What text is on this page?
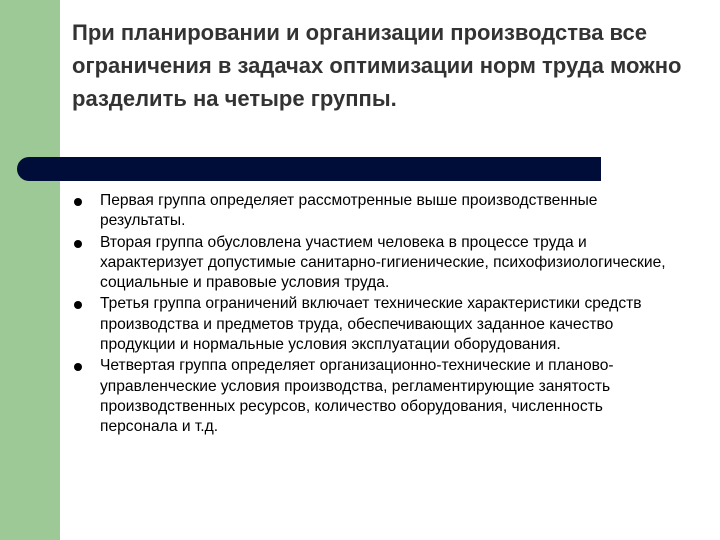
При планировании и организации производства все ограничения в задачах оптимизации норм труда можно разделить на четыре группы.
Первая группа определяет рассмотренные выше производственные результаты.
Вторая группа обусловлена участием человека в процессе труда и характеризует допустимые санитарно-гигиенические, психофизиологические, социальные и правовые условия труда.
Третья группа ограничений включает технические характеристики средств производства и предметов труда, обеспечивающих заданное качество продукции и нормальные условия эксплуатации оборудования.
Четвертая группа определяет организационно-технические и планово-управленческие условия производства, регламентирующие занятость производственных ресурсов, количество оборудования, численность персонала и т.д.
